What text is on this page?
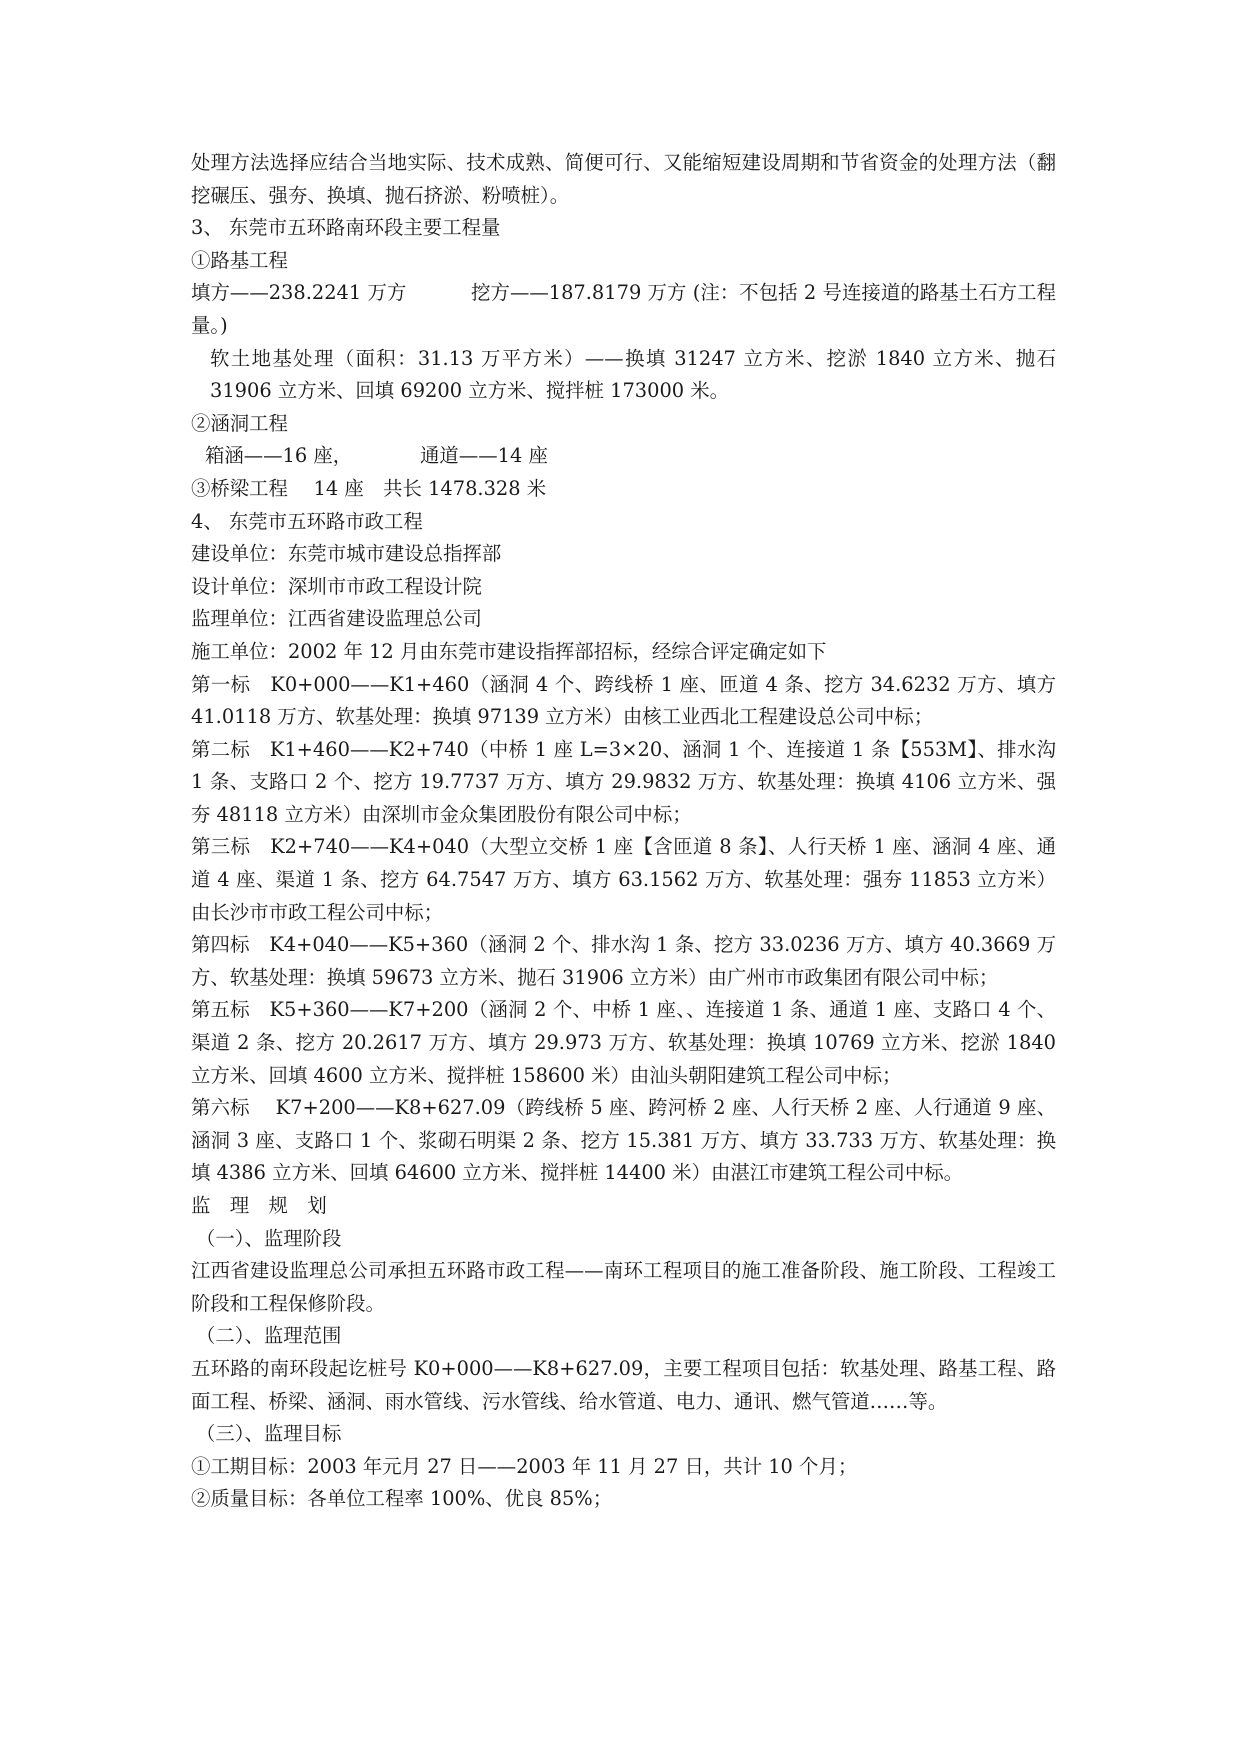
处理方法选择应结合当地实际、技术成熟、简便可行、又能缩短建设周期和节省资金的处理方法（翻挖碾压、强夯、换填、抛石挤淤、粉喷桩）。

3、 东莞市五环路南环段主要工程量

①路基工程

填方——238.2241 万方　　　 挖方——187.8179 万方 (注：不包括 2 号连接道的路基土石方工程量。)

软土地基处理（面积：31.13 万平方米）——换填 31247 立方米、挖淤 1840 立方米、抛石 31906 立方米、回填 69200 立方米、搅拌桩 173000 米。

②涵洞工程

箱涵——16 座，　　　　通道——14 座

③桥梁工程　 14 座　共长 1478.328 米

4、 东莞市五环路市政工程

建设单位：东莞市城市建设总指挥部

设计单位：深圳市市政工程设计院

监理单位：江西省建设监理总公司

施工单位：2002 年 12 月由东莞市建设指挥部招标，经综合评定确定如下

第一标　K0+000——K1+460（涵洞 4 个、跨线桥 1 座、匝道 4 条、挖方 34.6232 万方、填方 41.0118 万方、软基处理：换填 97139 立方米）由核工业西北工程建设总公司中标；

第二标　K1+460——K2+740（中桥 1 座 L=3×20、涵洞 1 个、连接道 1 条【553M】、排水沟 1 条、支路口 2 个、挖方 19.7737 万方、填方 29.9832 万方、软基处理：换填 4106 立方米、强夯 48118 立方米）由深圳市金众集团股份有限公司中标；

第三标　K2+740——K4+040（大型立交桥 1 座【含匝道 8 条】、人行天桥 1 座、涵洞 4 座、通道 4 座、渠道 1 条、挖方 64.7547 万方、填方 63.1562 万方、软基处理：强夯 11853 立方米）由长沙市市政工程公司中标；

第四标　K4+040——K5+360（涵洞 2 个、排水沟 1 条、挖方 33.0236 万方、填方 40.3669 万方、软基处理：换填 59673 立方米、抛石 31906 立方米）由广州市市政集团有限公司中标；

第五标　K5+360——K7+200（涵洞 2 个、中桥 1 座、、连接道 1 条、通道 1 座、支路口 4 个、渠道 2 条、挖方 20.2617 万方、填方 29.973 万方、软基处理：换填 10769 立方米、挖淤 1840 立方米、回填 4600 立方米、搅拌桩 158600 米）由汕头朝阳建筑工程公司中标；

第六标　 K7+200——K8+627.09（跨线桥 5 座、跨河桥 2 座、人行天桥 2 座、人行通道 9 座、涵洞 3 座、支路口 1 个、浆砌石明渠 2 条、挖方 15.381 万方、填方 33.733 万方、软基处理：换填 4386 立方米、回填 64600 立方米、搅拌桩 14400 米）由湛江市建筑工程公司中标。

监　理　规　划

（一）、监理阶段

江西省建设监理总公司承担五环路市政工程——南环工程项目的施工准备阶段、施工阶段、工程竣工阶段和工程保修阶段。

（二）、监理范围

五环路的南环段起讫桩号 K0+000——K8+627.09，主要工程项目包括：软基处理、路基工程、路面工程、桥梁、涵洞、雨水管线、污水管线、给水管道、电力、通讯、燃气管道……等。

（三）、监理目标

①工期目标：2003 年元月 27 日——2003 年 11 月 27 日，共计 10 个月；

②质量目标：各单位工程率 100%、优良 85%；
